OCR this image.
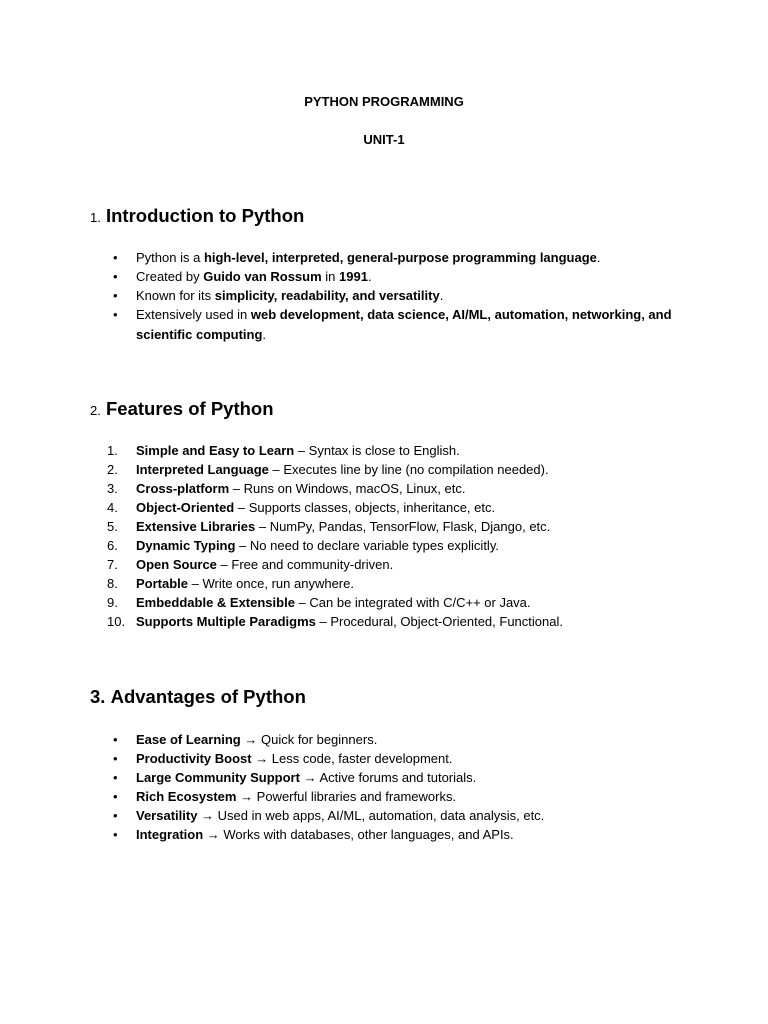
PYTHON PROGRAMMING

UNIT-1

1. Introduction to Python
• Python is a high-level, interpreted, general-purpose programming language.
• Created by Guido van Rossum in 1991.
• Known for its simplicity, readability, and versatility.
• Extensively used in web development, data science, AI/ML, automation, networking, and scientific computing.
2. Features of Python
1.	Simple and Easy to Learn – Syntax is close to English.
2.	Interpreted Language – Executes line by line (no compilation needed).
3.	Cross-platform – Runs on Windows, macOS, Linux, etc.
4.	Object-Oriented – Supports classes, objects, inheritance, etc.
5.	Extensive Libraries – NumPy, Pandas, TensorFlow, Flask, Django, etc.
6.	Dynamic Typing – No need to declare variable types explicitly.
7.	Open Source – Free and community-driven.
8.	Portable – Write once, run anywhere.
9.	Embeddable & Extensible – Can be integrated with C/C++ or Java.
10. Supports Multiple Paradigms – Procedural, Object-Oriented, Functional.
3. Advantages of Python
• Ease of Learning → Quick for beginners.
• Productivity Boost → Less code, faster development.
• Large Community Support → Active forums and tutorials.
• Rich Ecosystem → Powerful libraries and frameworks.
• Versatility → Used in web apps, AI/ML, automation, data analysis, etc.
• Integration → Works with databases, other languages, and APIs.
